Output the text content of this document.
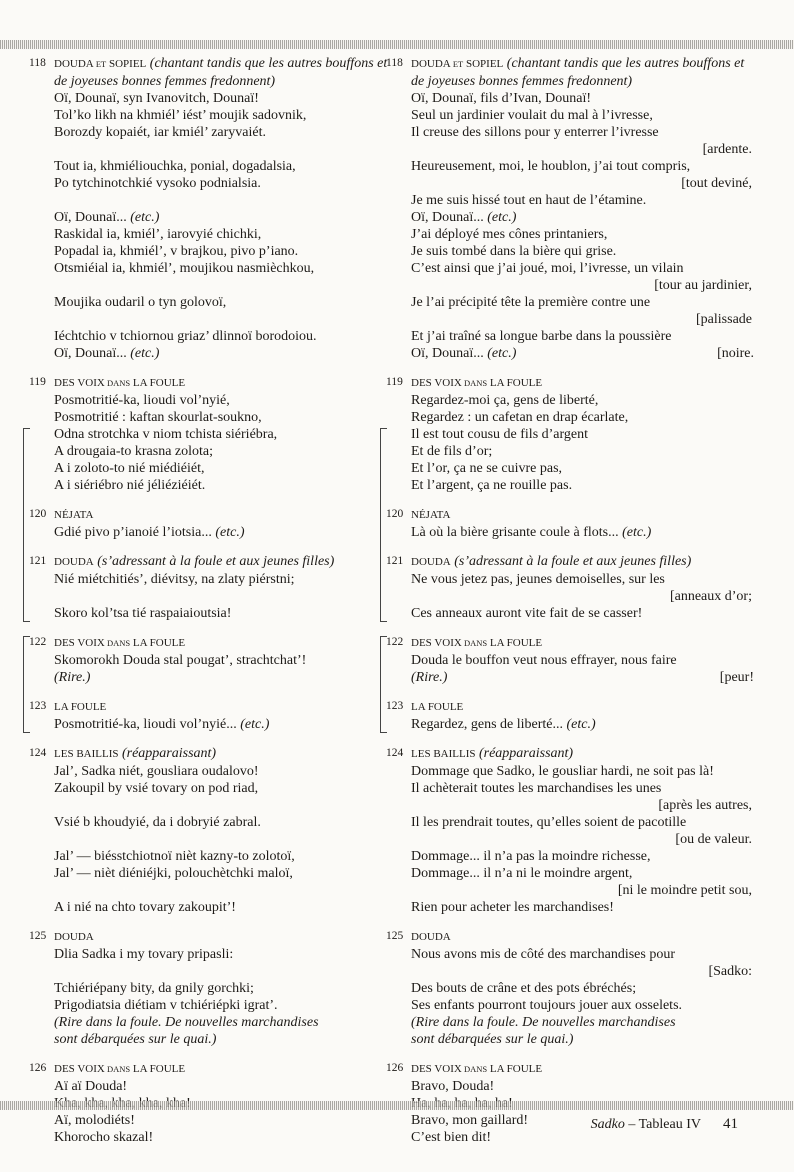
118 DOUDA ET SOPIEL (chantant tandis que les autres bouffons et de joyeuses bonnes femmes fredonnent)
Oï, Dounaï, syn Ivanovitch, Dounaï!
Tol’ko likh na khmiél’ iést’ moujik sadovnik,
Borozdy kopaiét, iar kmiél’ zaryvaiét.
Tout ia, khmiéliouchka, ponial, dogadalsia,
Po tytchinotchkié vysoko podnialsia.
Oï, Dounaï... (etc.)
Raskidal ia, kmiél’, iarovyié chichki,
Popadal ia, khmiél’, v brajkou, pivo p’iano.
Otsmiéial ia, khmiél’, moujikou nasmièchkou,
Moujika oudaril o tyn golovoï,
Iéchtchio v tchiornou griaz’ dlinnoï borodoiou.
Oï, Dounaï... (etc.)
119 DES VOIX DANS LA FOULE
Posmotritié-ka, lioudi vol’nyié,
Posmotritié : kaftan skourlat-soukno,
Odna strotchka v niom tchista siériébra,
A drougaia-to krasna zolota;
A i zoloto-to nié miédiéiét,
A i siériébro nié jéliéziéiét.
120 NÉJATA
Gdié pivo p’ianoié l’iotsia... (etc.)
121 DOUDA (s’adressant à la foule et aux jeunes filles)
Nié miétchitiés’, diévitsy, na zlaty piérstni;
Skoro kol’tsa tié raspaiaioutsia!
122 DES VOIX DANS LA FOULE
Skomorokh Douda stal pougat’, strachtchat’!
(Rire.)
123 LA FOULE
Posmotritié-ka, lioudi vol’nyié... (etc.)
124 LES BAILLIS (réapparaissant)
Jal’, Sadka niét, gousliara oudalovo!
Zakoupil by vsié tovary on pod riad,
Vsié b khoudyié, da i dobryié zabral.
Jal’ — biésstchiotnoï nièt kazny-to zolotoï,
Jal’ — nièt diéniéjki, polouchètchki maloï,
A i nié na chto tovary zakoupit’!
125 DOUDA
Dlia Sadka i my tovary pripasli:
Tchiériépany bity, da gnily gorchki;
Prigodiatsia diétiam v tchiériépki igrat’.
(Rire dans la foule. De nouvelles marchandises
sont débarquées sur le quai.)
126 DES VOIX DANS LA FOULE
Aï aï Douda!
Aï, molodiéts!
Khorocho skazal!
118 DOUDA ET SOPIEL (chantant tandis que les autres bouffons et de joyeuses bonnes femmes fredonnent)
Oï, Dounaï, fils d’Ivan, Dounaï!
Seul un jardinier voulait du mal à l’ivresse,
Il creuse des sillons pour y enterrer l’ivresse
[ardente.
Heureusement, moi, le houblon, j’ai tout compris,
[tout deviné,
Je me suis hissé tout en haut de l’étamine.
Oï, Dounaï... (etc.)
J’ai déployé mes cônes printaniers,
Je suis tombé dans la bière qui grise.
C’est ainsi que j’ai joué, moi, l’ivresse, un vilain
[tour au jardinier,
Je l’ai précipité tête la première contre une
[palissade
Et j’ai traîné sa longue barbe dans la poussière
Oï, Dounaï... (etc.)	[noire.
119 DES VOIX DANS LA FOULE
Regardez-moi ça, gens de liberté,
Regardez : un cafetan en drap écarlate,
Il est tout cousu de fils d’argent
Et de fils d’or;
Et l’or, ça ne se cuivre pas,
Et l’argent, ça ne rouille pas.
120 NÉJATA
Là où la bière grisante coule à flots... (etc.)
121 DOUDA (s’adressant à la foule et aux jeunes filles)
Ne vous jetez pas, jeunes demoiselles, sur les
[anneaux d’or;
Ces anneaux auront vite fait de se casser!
122 DES VOIX DANS LA FOULE
Douda le bouffon veut nous effrayer, nous faire
(Rire.)	[peur!
123 LA FOULE
Regardez, gens de liberté... (etc.)
124 LES BAILLIS (réapparaissant)
Dommage que Sadko, le gousliar hardi, ne soit pas là!
Il achèterait toutes les marchandises les unes
[après les autres,
Il les prendrait toutes, qu’elles soient de pacotille
[ou de valeur.
Dommage... il n’a pas la moindre richesse,
Dommage... il n’a ni le moindre argent,
[ni le moindre petit sou,
Rien pour acheter les marchandises!
125 DOUDA
Nous avons mis de côté des marchandises pour
[Sadko:
Des bouts de crâne et des pots ébréchés;
Ses enfants pourront toujours jouer aux osselets.
(Rire dans la foule. De nouvelles marchandises
sont débarquées sur le quai.)
126 DES VOIX DANS LA FOULE
Bravo, Douda!
Bravo, mon gaillard!
C’est bien dit!
Sadko – Tableau IV 41
